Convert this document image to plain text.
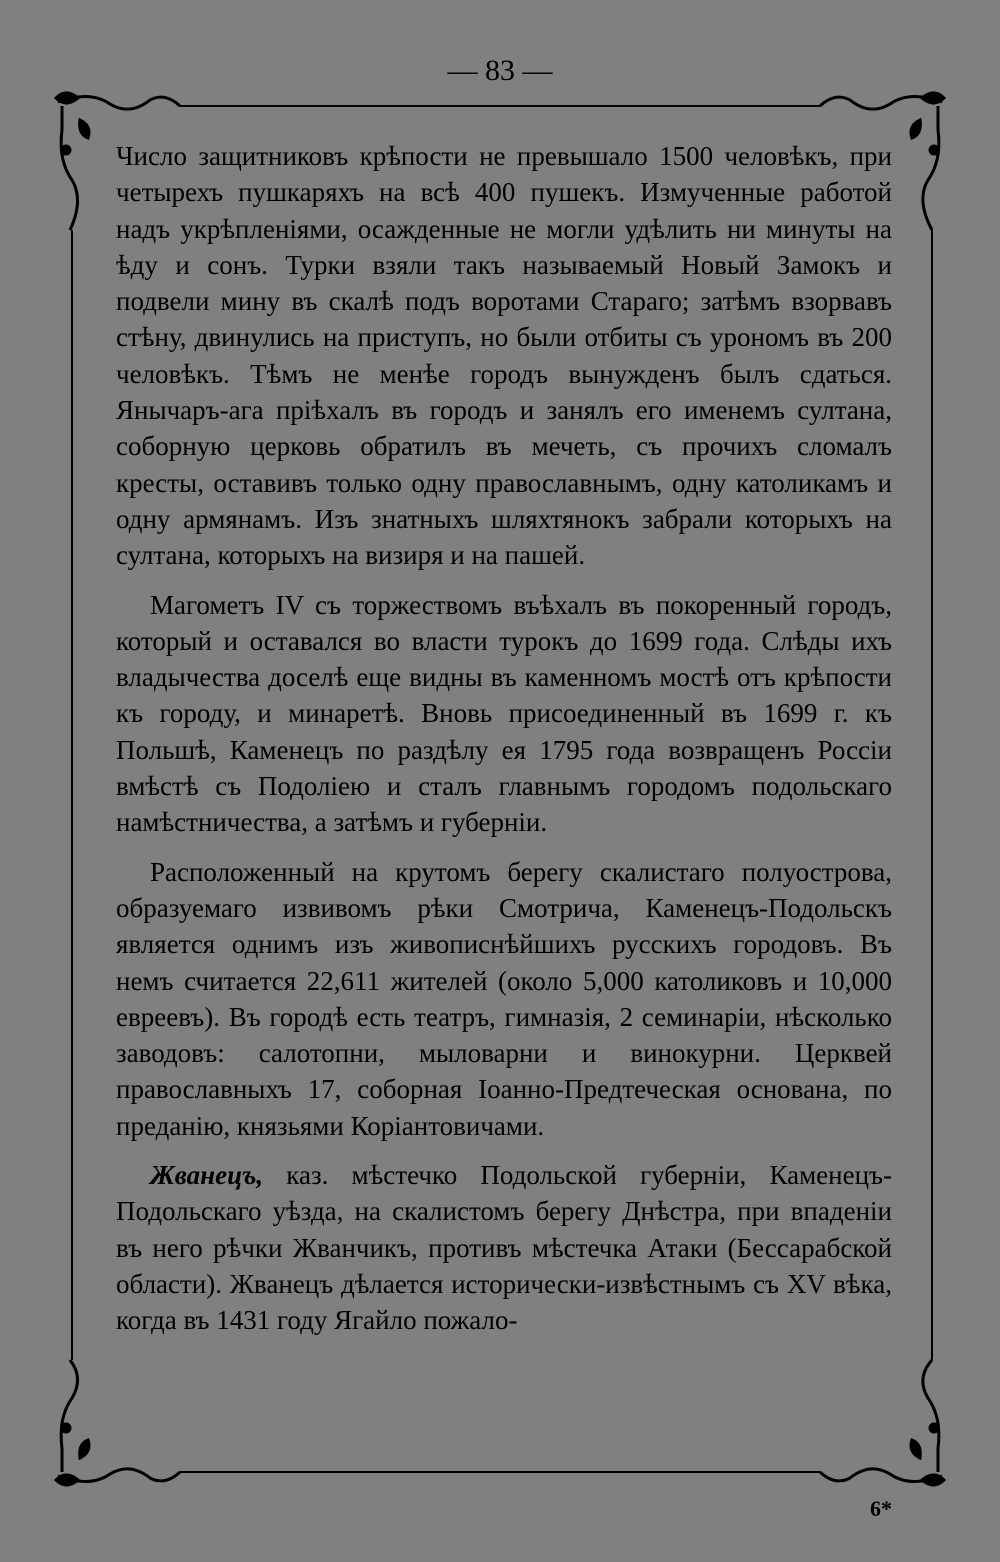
— 83 —

Число защитниковъ крѣпости не превышало 1500 человѣкъ, при четырехъ пушкаряхъ на всѣ 400 пушекъ. Измученные работой надъ укрѣпленіями, осажденные не могли удѣлить ни минуты на ѣду и сонъ. Турки взяли такъ называемый Новый Замокъ и подвели мину въ скалѣ подъ воротами Стараго; затѣмъ взорвавъ стѣну, двинулись на приступъ, но были отбиты съ урономъ въ 200 человѣкъ. Тѣмъ не менѣе городъ вынужденъ былъ сдаться. Янычаръ-ага пріѣхалъ въ городъ и занялъ его именемъ султана, соборную церковь обратилъ въ мечеть, съ прочихъ сломалъ кресты, оставивъ только одну православнымъ, одну католикамъ и одну армянамъ. Изъ знатныхъ шляхтянокъ забрали которыхъ на султана, которыхъ на визиря и на пашей.

Магометъ IV съ торжествомъ въѣхалъ въ покоренный городъ, который и оставался во власти турокъ до 1699 года. Слѣды ихъ владычества доселѣ еще видны въ каменномъ мостѣ отъ крѣпости къ городу, и минаретѣ. Вновь присоединенный въ 1699 г. къ Польшѣ, Каменецъ по раздѣлу ея 1795 года возвращенъ Россіи вмѣстѣ съ Подоліею и сталъ главнымъ городомъ подольскаго намѣстничества, а затѣмъ и губерніи.

Расположенный на крутомъ берегу скалистаго полуострова, образуемаго извивомъ рѣки Смотрича, Каменецъ-Подольскъ является однимъ изъ живописнѣйшихъ русскихъ городовъ. Въ немъ считается 22,611 жителей (около 5,000 католиковъ и 10,000 евреевъ). Въ городѣ есть театръ, гимназія, 2 семинаріи, нѣсколько заводовъ: салотопни, мыловарни и винокурни. Церквей православныхъ 17, соборная Іоанно-Предтеческая основана, по преданію, князьями Коріантовичами.

Жванецъ, каз. мѣстечко Подольской губерніи, Каменецъ-Подольскаго уѣзда, на скалистомъ берегу Днѣстра, при впаденіи въ него рѣчки Жванчикъ, противъ мѣстечка Атаки (Бессарабской области). Жванецъ дѣлается исторически-извѣстнымъ съ XV вѣка, когда въ 1431 году Ягайло пожало-

6*
